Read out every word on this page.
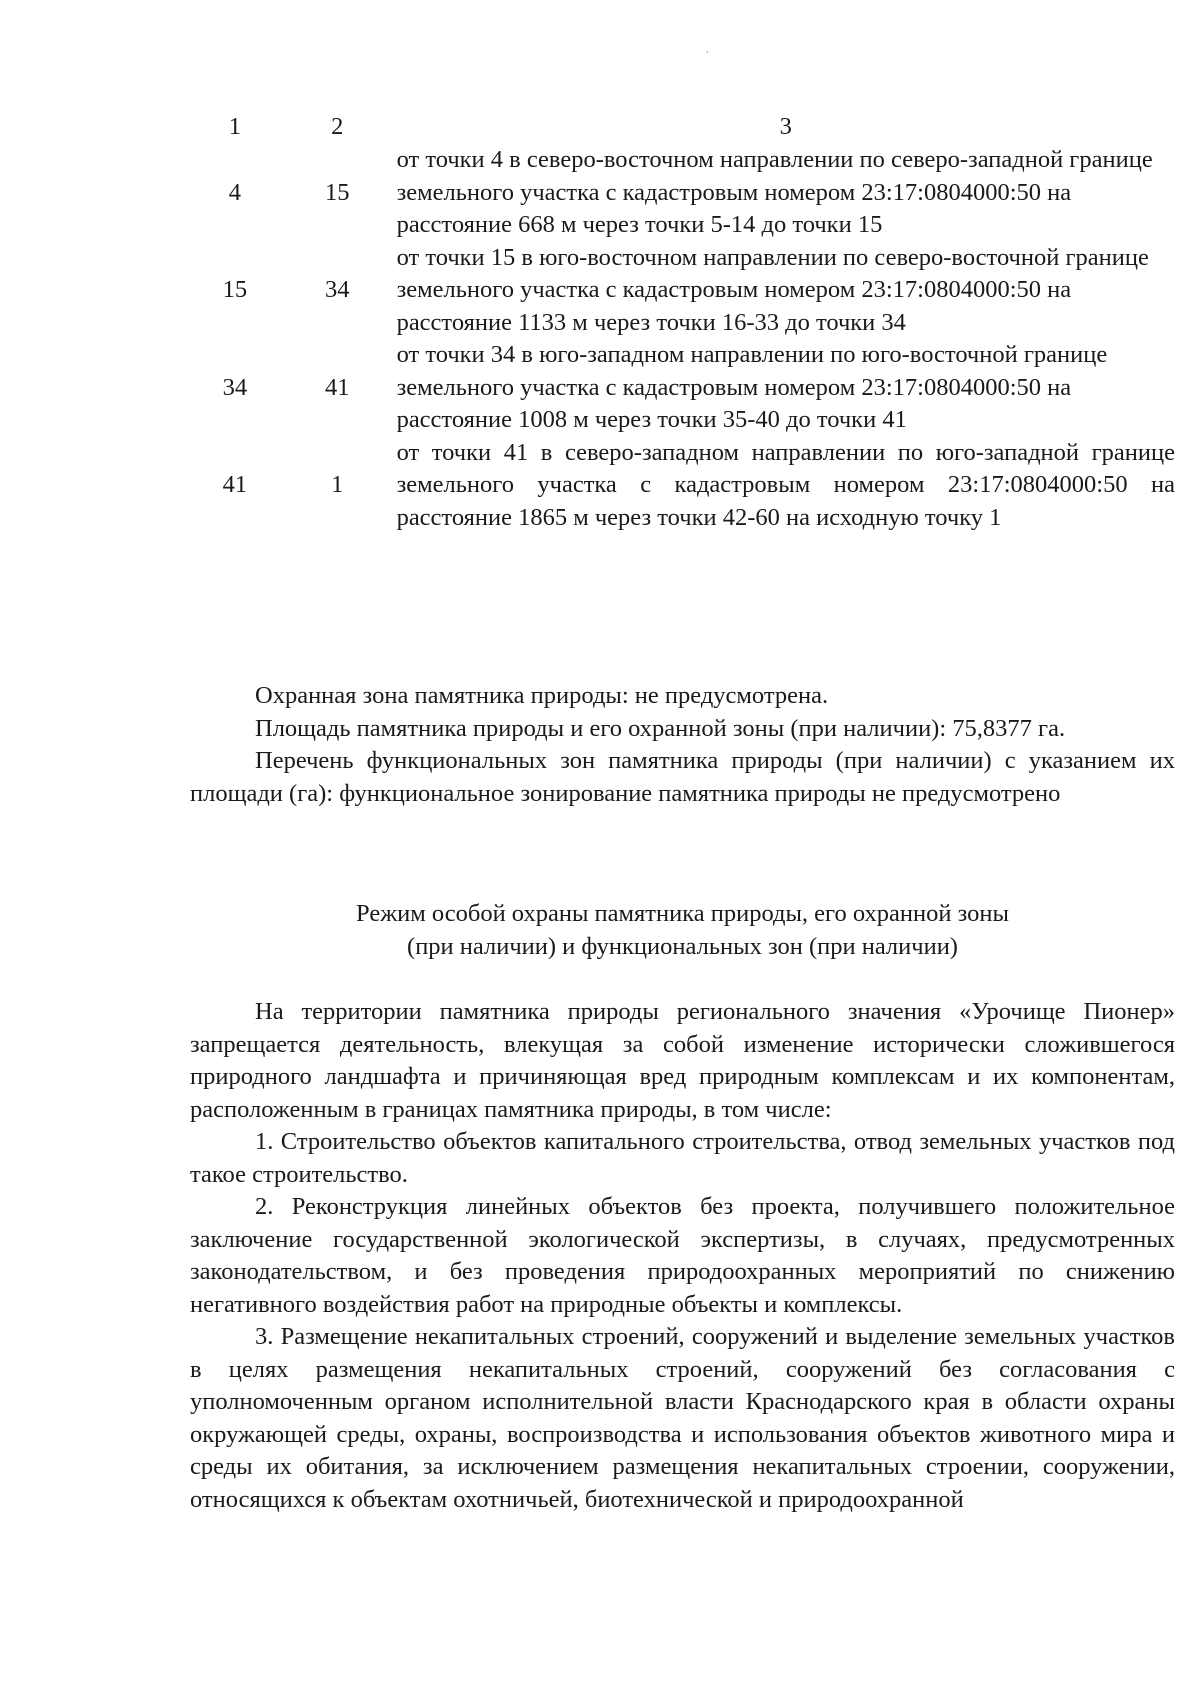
·
1	2	3
4	15	от точки 4 в северо-восточном направлении по северо-западной границе земельного участка с кадастровым номером 23:17:0804000:50 на расстояние 668 м через точки 5-14 до точки 15
15	34	от точки 15 в юго-восточном направлении по северо-восточной границе земельного участка с кадастровым номером 23:17:0804000:50 на расстояние 1133 м через точки 16-33 до точки 34
34	41	от точки 34 в юго-западном направлении по юго-восточной границе земельного участка с кадастровым номером 23:17:0804000:50 на расстояние 1008 м через точки 35-40 до точки 41
41	1	от точки 41 в северо-западном направлении по юго-западной границе земельного участка с кадастровым номером 23:17:0804000:50 на расстояние 1865 м через точки 42-60 на исходную точку 1

Охранная зона памятника природы: не предусмотрена.

Площадь памятника природы и его охранной зоны (при наличии): 75,8377 га.

Перечень функциональных зон памятника природы (при наличии) с указанием их площади (га): функциональное зонирование памятника природы не предусмотрено

Режим особой охраны памятника природы, его охранной зоны
(при наличии) и функциональных зон (при наличии)

На территории памятника природы регионального значения «Урочище Пионер» запрещается деятельность, влекущая за собой изменение исторически сложившегося природного ландшафта и причиняющая вред природным комплексам и их компонентам, расположенным в границах памятника природы, в том числе:

1. Строительство объектов капитального строительства, отвод земельных участков под такое строительство.

2. Реконструкция линейных объектов без проекта, получившего положительное заключение государственной экологической экспертизы, в случаях, предусмотренных законодательством, и без проведения природоохранных мероприятий по снижению негативного воздействия работ на природные объекты и комплексы.

3. Размещение некапитальных строений, сооружений и выделение земельных участков в целях размещения некапитальных строений, сооружений без согласования с уполномоченным органом исполнительной власти Краснодарского края в области охраны окружающей среды, охраны, воспроизводства и использования объектов животного мира и среды их обитания, за исключением размещения некапитальных строении, сооружении, относящихся к объектам охотничьей, биотехнической и природоохранной
